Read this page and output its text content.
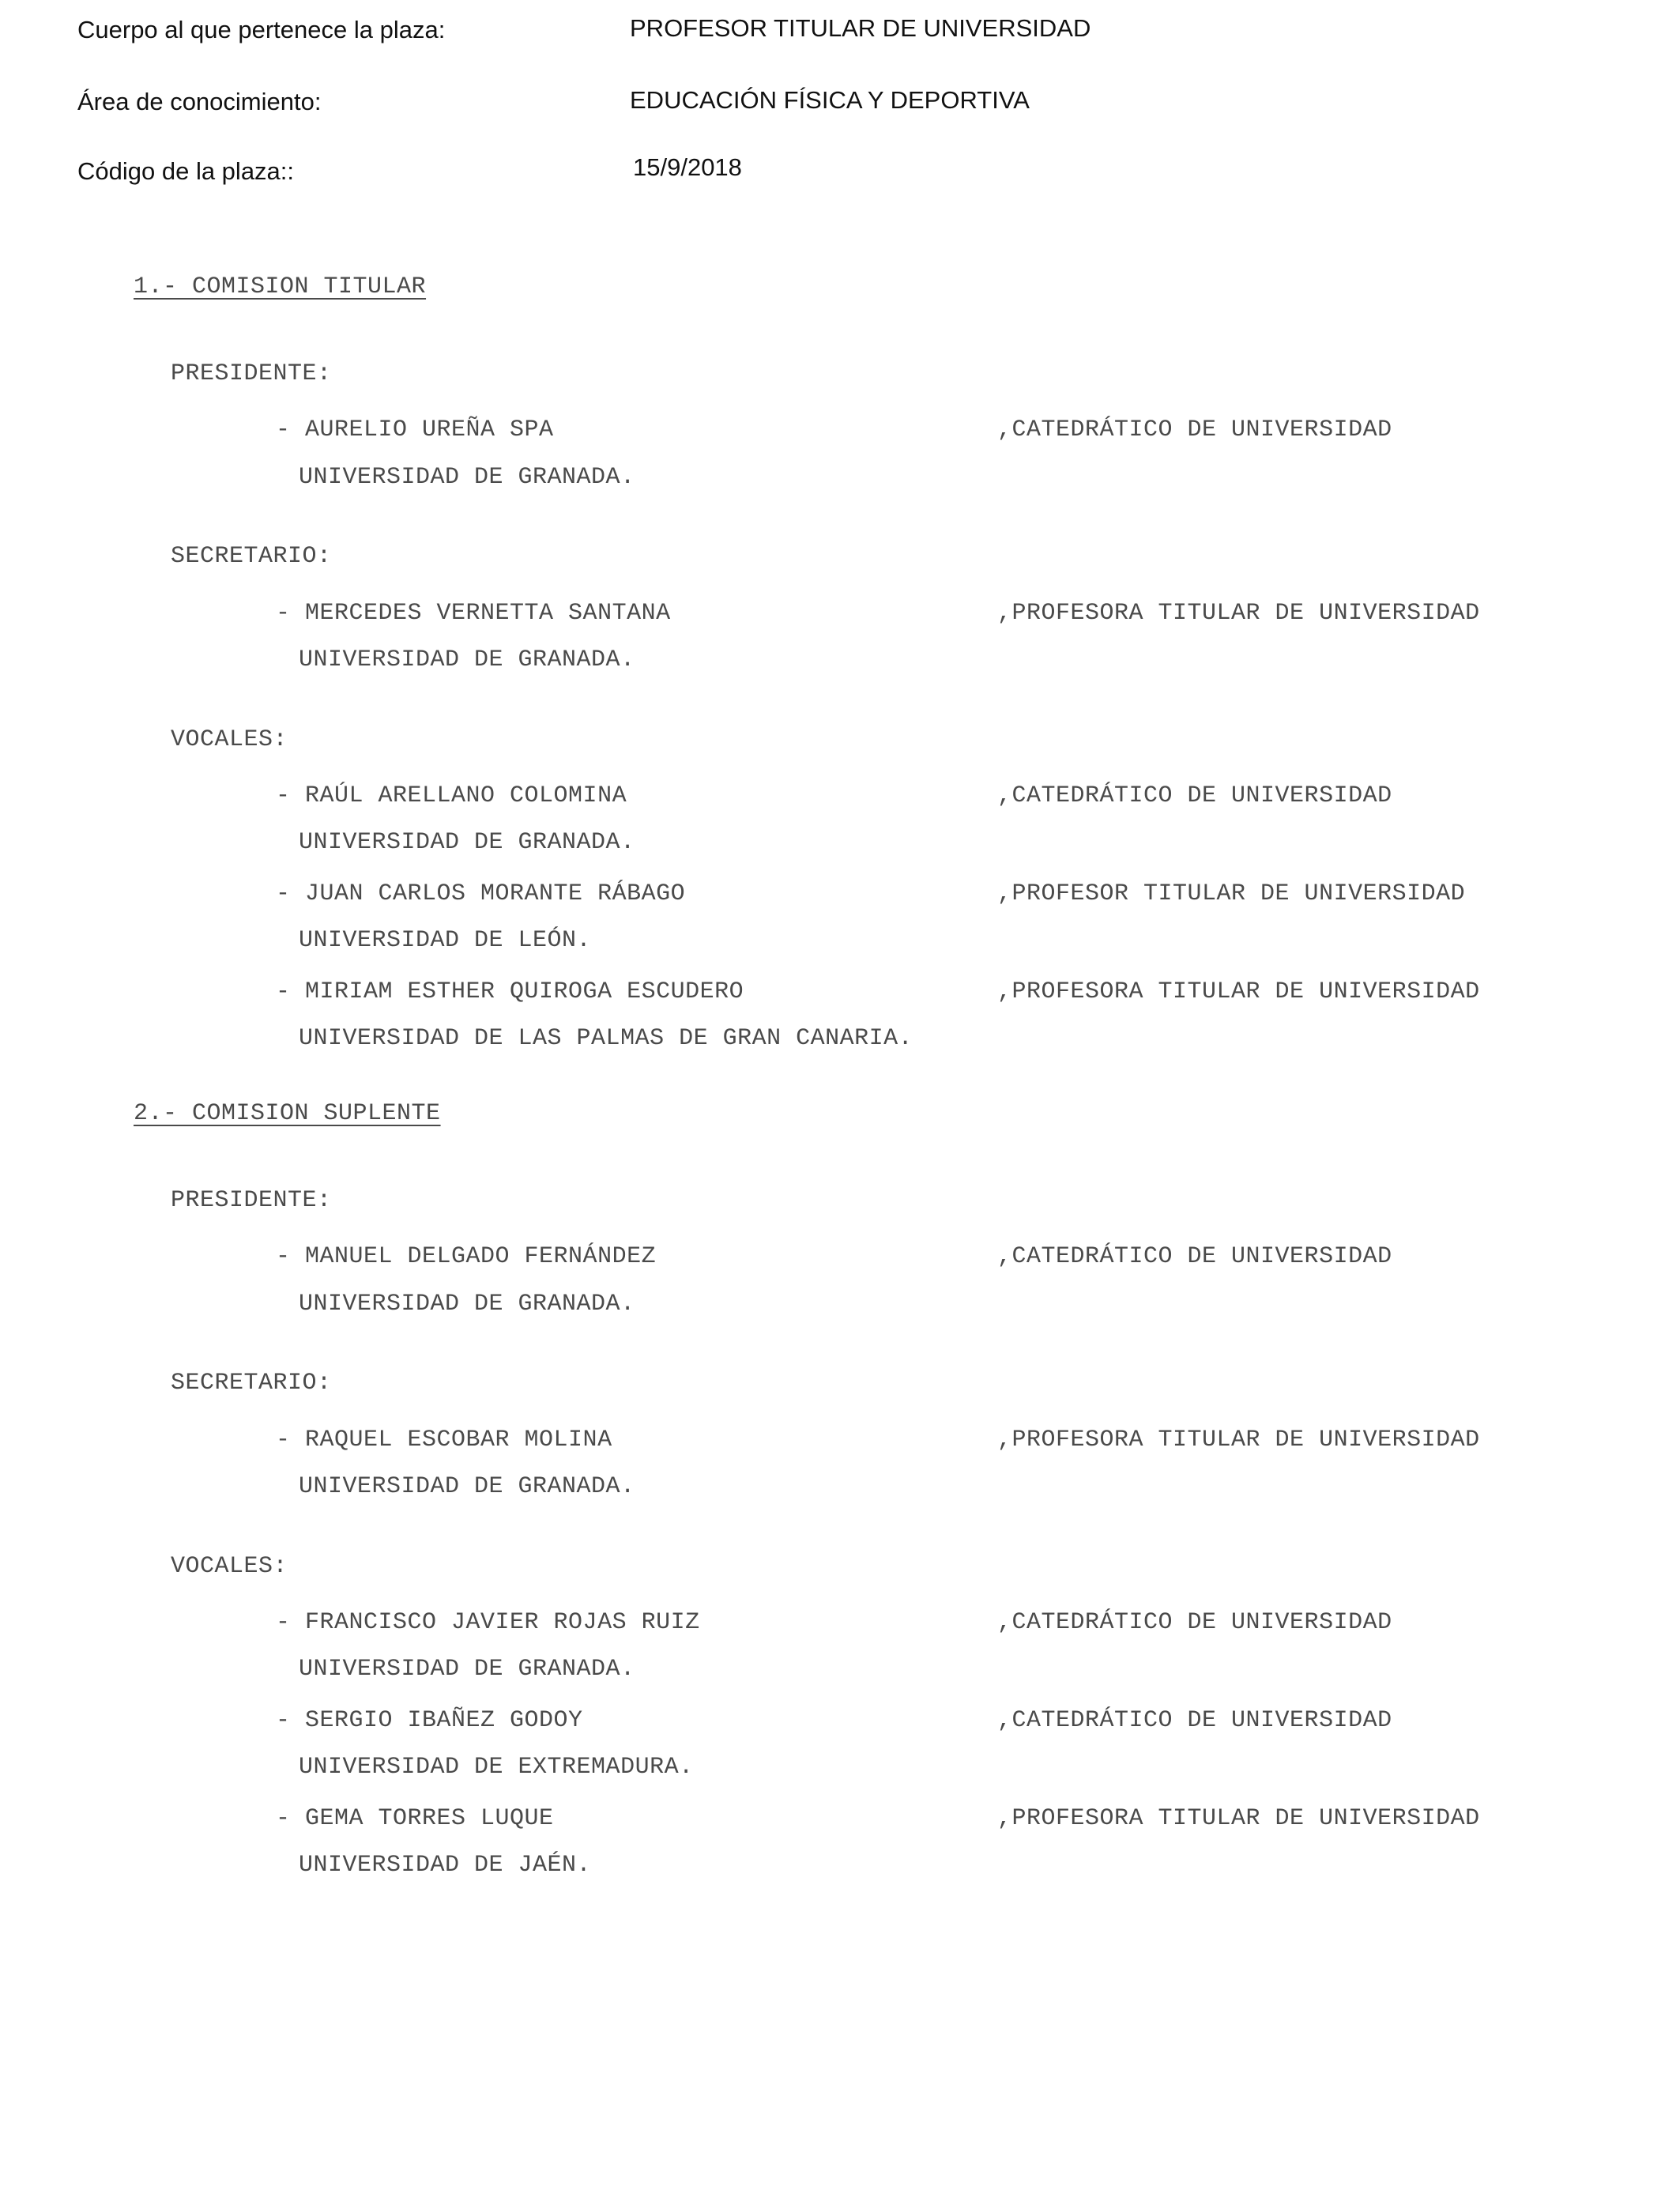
Cuerpo al que pertenece la plaza:	PROFESOR TITULAR DE UNIVERSIDAD
Área de conocimiento:	EDUCACIÓN FÍSICA Y DEPORTIVA
Código de la plaza::	15/9/2018
1.- COMISION TITULAR
PRESIDENTE:
- AURELIO UREÑA SPA	,CATEDRÁTICO DE UNIVERSIDAD
UNIVERSIDAD DE GRANADA.
SECRETARIO:
- MERCEDES VERNETTA SANTANA	,PROFESORA TITULAR DE UNIVERSIDAD
UNIVERSIDAD DE GRANADA.
VOCALES:
- RAÚL ARELLANO COLOMINA	,CATEDRÁTICO DE UNIVERSIDAD
UNIVERSIDAD DE GRANADA.
- JUAN CARLOS MORANTE RÁBAGO	,PROFESOR TITULAR DE UNIVERSIDAD
UNIVERSIDAD DE LEÓN.
- MIRIAM ESTHER QUIROGA ESCUDERO	,PROFESORA TITULAR DE UNIVERSIDAD
UNIVERSIDAD DE LAS PALMAS DE GRAN CANARIA.
2.- COMISION SUPLENTE
PRESIDENTE:
- MANUEL DELGADO FERNÁNDEZ	,CATEDRÁTICO DE UNIVERSIDAD
UNIVERSIDAD DE GRANADA.
SECRETARIO:
- RAQUEL ESCOBAR MOLINA	,PROFESORA TITULAR DE UNIVERSIDAD
UNIVERSIDAD DE GRANADA.
VOCALES:
- FRANCISCO JAVIER ROJAS RUIZ	,CATEDRÁTICO DE UNIVERSIDAD
UNIVERSIDAD DE GRANADA.
- SERGIO IBAÑEZ GODOY	,CATEDRÁTICO DE UNIVERSIDAD
UNIVERSIDAD DE EXTREMADURA.
- GEMA TORRES LUQUE	,PROFESORA TITULAR DE UNIVERSIDAD
UNIVERSIDAD DE JAÉN.
